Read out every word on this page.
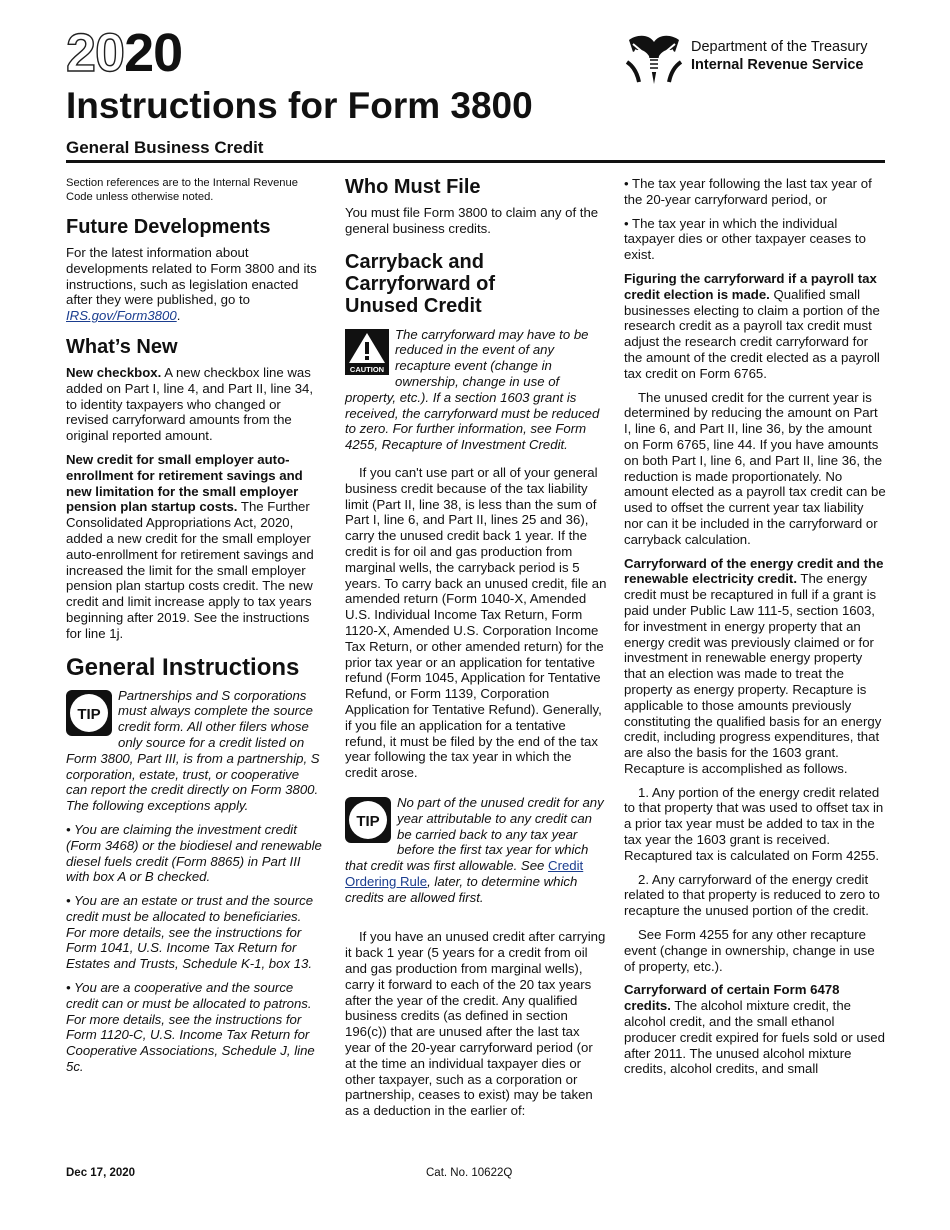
2020
Instructions for Form 3800
General Business Credit
Department of the Treasury
Internal Revenue Service

Section references are to the Internal Revenue Code unless otherwise noted.

Future Developments

For the latest information about developments related to Form 3800 and its instructions, such as legislation enacted after they were published, go to IRS.gov/Form3800.

What’s New

New checkbox. A new checkbox line was added on Part I, line 4, and Part II, line 34, to identity taxpayers who changed or revised carryforward amounts from the original reported amount.

New credit for small employer auto-enrollment for retirement savings and new limitation for the small employer pension plan startup costs. The Further Consolidated Appropriations Act, 2020, added a new credit for the small employer auto-enrollment for retirement savings and increased the limit for the small employer pension plan startup costs credit. The new credit and limit increase apply to tax years beginning after 2019. See the instructions for line 1j.

General Instructions
TIP
Partnerships and S corporations must always complete the source credit form. All other filers whose only source for a credit listed on Form 3800, Part III, is from a partnership, S corporation, estate, trust, or cooperative can report the credit directly on Form 3800. The following exceptions apply.

• You are claiming the investment credit (Form 3468) or the biodiesel and renewable diesel fuels credit (Form 8865) in Part III with box A or B checked.

• You are an estate or trust and the source credit must be allocated to beneficiaries. For more details, see the instructions for Form 1041, U.S. Income Tax Return for Estates and Trusts, Schedule K-1, box 13.

• You are a cooperative and the source credit can or must be allocated to patrons. For more details, see the instructions for Form 1120-C, U.S. Income Tax Return for Cooperative Associations, Schedule J, line 5c.

Who Must File

You must file Form 3800 to claim any of the general business credits.

Carryback and Carryforward of Unused Credit
CAUTION
The carryforward may have to be reduced in the event of any recapture event (change in ownership, change in use of property, etc.). If a section 1603 grant is received, the carryforward must be reduced to zero. For further information, see Form 4255, Recapture of Investment Credit.

If you can't use part or all of your general business credit because of the tax liability limit (Part II, line 38, is less than the sum of Part I, line 6, and Part II, lines 25 and 36), carry the unused credit back 1 year. If the credit is for oil and gas production from marginal wells, the carryback period is 5 years. To carry back an unused credit, file an amended return (Form 1040-X, Amended U.S. Individual Income Tax Return, Form 1120-X, Amended U.S. Corporation Income Tax Return, or other amended return) for the prior tax year or an application for tentative refund (Form 1045, Application for Tentative Refund, or Form 1139, Corporation Application for Tentative Refund). Generally, if you file an application for a tentative refund, it must be filed by the end of the tax year following the tax year in which the credit arose.

TIP
No part of the unused credit for any year attributable to any credit can be carried back to any tax year before the first tax year for which that credit was first allowable. See Credit Ordering Rule, later, to determine which credits are allowed first.

If you have an unused credit after carrying it back 1 year (5 years for a credit from oil and gas production from marginal wells), carry it forward to each of the 20 tax years after the year of the credit. Any qualified business credits (as defined in section 196(c)) that are unused after the last tax year of the 20-year carryforward period (or at the time an individual taxpayer dies or other taxpayer, such as a corporation or partnership, ceases to exist) may be taken as a deduction in the earlier of:

• The tax year following the last tax year of the 20-year carryforward period, or

• The tax year in which the individual taxpayer dies or other taxpayer ceases to exist.

Figuring the carryforward if a payroll tax credit election is made. Qualified small businesses electing to claim a portion of the research credit as a payroll tax credit must adjust the research credit carryforward for the amount of the credit elected as a payroll tax credit on Form 6765.

The unused credit for the current year is determined by reducing the amount on Part I, line 6, and Part II, line 36, by the amount on Form 6765, line 44. If you have amounts on both Part I, line 6, and Part II, line 36, the reduction is made proportionately. No amount elected as a payroll tax credit can be used to offset the current year tax liability nor can it be included in the carryforward or carryback calculation.

Carryforward of the energy credit and the renewable electricity credit. The energy credit must be recaptured in full if a grant is paid under Public Law 111-5, section 1603, for investment in energy property that an energy credit was previously claimed or for investment in renewable energy property that an election was made to treat the property as energy property. Recapture is applicable to those amounts previously constituting the qualified basis for an energy credit, including progress expenditures, that are also the basis for the 1603 grant. Recapture is accomplished as follows.

1. Any portion of the energy credit related to that property that was used to offset tax in a prior tax year must be added to tax in the tax year the 1603 grant is received. Recaptured tax is calculated on Form 4255.

2. Any carryforward of the energy credit related to that property is reduced to zero to recapture the unused portion of the credit.

See Form 4255 for any other recapture event (change in ownership, change in use of property, etc.).

Carryforward of certain Form 6478 credits. The alcohol mixture credit, the alcohol credit, and the small ethanol producer credit expired for fuels sold or used after 2011. The unused alcohol mixture credits, alcohol credits, and small

Dec 17, 2020	Cat. No. 10622Q
